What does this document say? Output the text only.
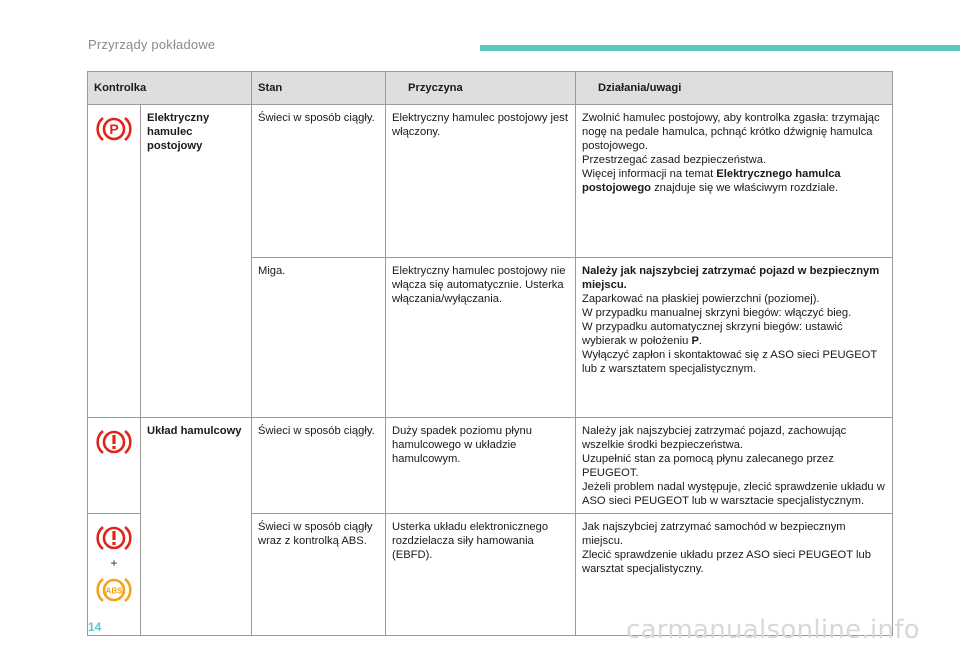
Przyrządy pokładowe
Kontrolka		Stan	Przyczyna	Działania/uwagi

P	Elektryczny hamulec postojowy	Świeci w sposób ciągły.	Elektryczny hamulec postojowy jest włączony.	Zwolnić hamulec postojowy, aby kontrolka zgasła: trzymając nogę na pedale hamulca, pchnąć krótko dźwignię hamulca postojowego.
Przestrzegać zasad bezpieczeństwa.
Więcej informacji na temat Elektrycznego hamulca postojowego znajduje się we właściwym rozdziale.

		Miga.	Elektryczny hamulec postojowy nie włącza się automatycznie. Usterka włączania/wyłączania.	Należy jak najszybciej zatrzymać pojazd w bezpiecznym miejscu.
Zaparkować na płaskiej powierzchni (poziomej).
W przypadku manualnej skrzyni biegów: włączyć bieg.
W przypadku automatycznej skrzyni biegów: ustawić wybierak w położeniu P.
Wyłączyć zapłon i skontaktować się z ASO sieci PEUGEOT lub z warsztatem specjalistycznym.

Układ hamulcowy	Świeci w sposób ciągły.	Duży spadek poziomu płynu hamulcowego w układzie hamulcowym.	Należy jak najszybciej zatrzymać pojazd, zachowując wszelkie środki bezpieczeństwa.
Uzupełnić stan za pomocą płynu zalecanego przez PEUGEOT.
Jeżeli problem nadal występuje, zlecić sprawdzenie układu w ASO sieci PEUGEOT lub w warsztacie specjalistycznym.

+
ABS		Świeci w sposób ciągły wraz z kontrolką ABS.	Usterka układu elektronicznego rozdzielacza siły hamowania (EBFD).	Jak najszybciej zatrzymać samochód w bezpiecznym miejscu.
Zlecić sprawdzenie układu przez ASO sieci PEUGEOT lub warsztat specjalistyczny.
14	carmanualsonline.info
